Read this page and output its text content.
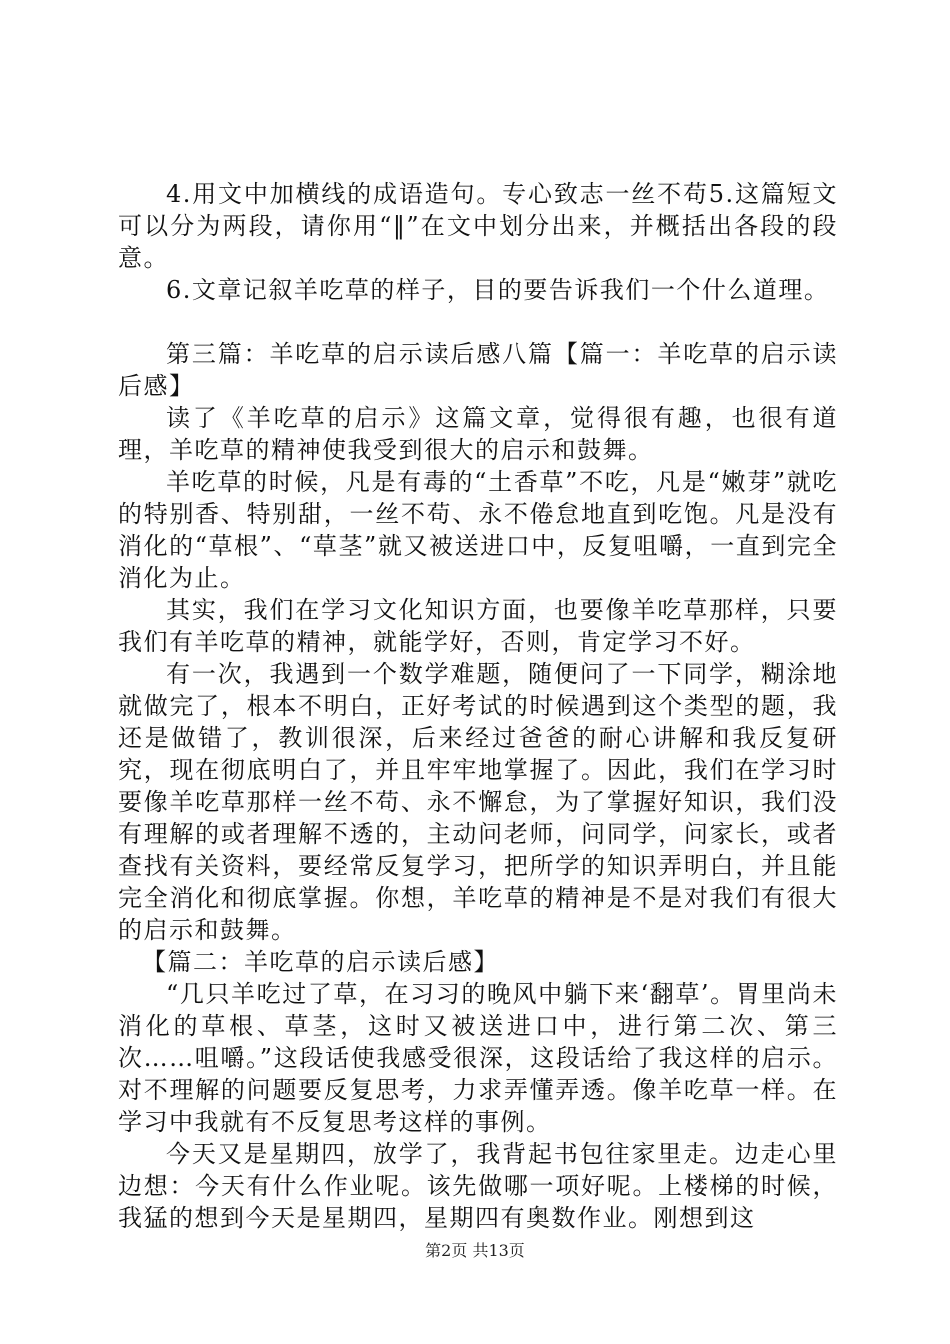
4.用文中加横线的成语造句。专心致志一丝不苟5.这篇短文可以分为两段，请你用“‖”在文中划分出来，并概括出各段的段意。

6.文章记叙羊吃草的样子，目的要告诉我们一个什么道理。

第三篇：羊吃草的启示读后感八篇【篇一：羊吃草的启示读后感】

读了《羊吃草的启示》这篇文章，觉得很有趣，也很有道理，羊吃草的精神使我受到很大的启示和鼓舞。

羊吃草的时候，凡是有毒的“土香草”不吃，凡是“嫩芽”就吃的特别香、特别甜，一丝不苟、永不倦怠地直到吃饱。凡是没有消化的“草根”、“草茎”就又被送进口中，反复咀嚼，一直到完全消化为止。

其实，我们在学习文化知识方面，也要像羊吃草那样，只要我们有羊吃草的精神，就能学好，否则，肯定学习不好。

有一次，我遇到一个数学难题，随便问了一下同学，糊涂地就做完了，根本不明白，正好考试的时候遇到这个类型的题，我还是做错了，教训很深，后来经过爸爸的耐心讲解和我反复研究，现在彻底明白了，并且牢牢地掌握了。因此，我们在学习时要像羊吃草那样一丝不苟、永不懈怠，为了掌握好知识，我们没有理解的或者理解不透的，主动问老师，问同学，问家长，或者查找有关资料，要经常反复学习，把所学的知识弄明白，并且能完全消化和彻底掌握。你想，羊吃草的精神是不是对我们有很大的启示和鼓舞。

【篇二：羊吃草的启示读后感】

“几只羊吃过了草，在习习的晚风中躺下来‘翻草’。胃里尚未消化的草根、草茎，这时又被送进口中，进行第二次、第三次……咀嚼。”这段话使我感受很深，这段话给了我这样的启示。对不理解的问题要反复思考，力求弄懂弄透。像羊吃草一样。在学习中我就有不反复思考这样的事例。

今天又是星期四，放学了，我背起书包往家里走。边走心里边想：今天有什么作业呢。该先做哪一项好呢。上楼梯的时候，我猛的想到今天是星期四，星期四有奥数作业。刚想到这

第2页 共13页
